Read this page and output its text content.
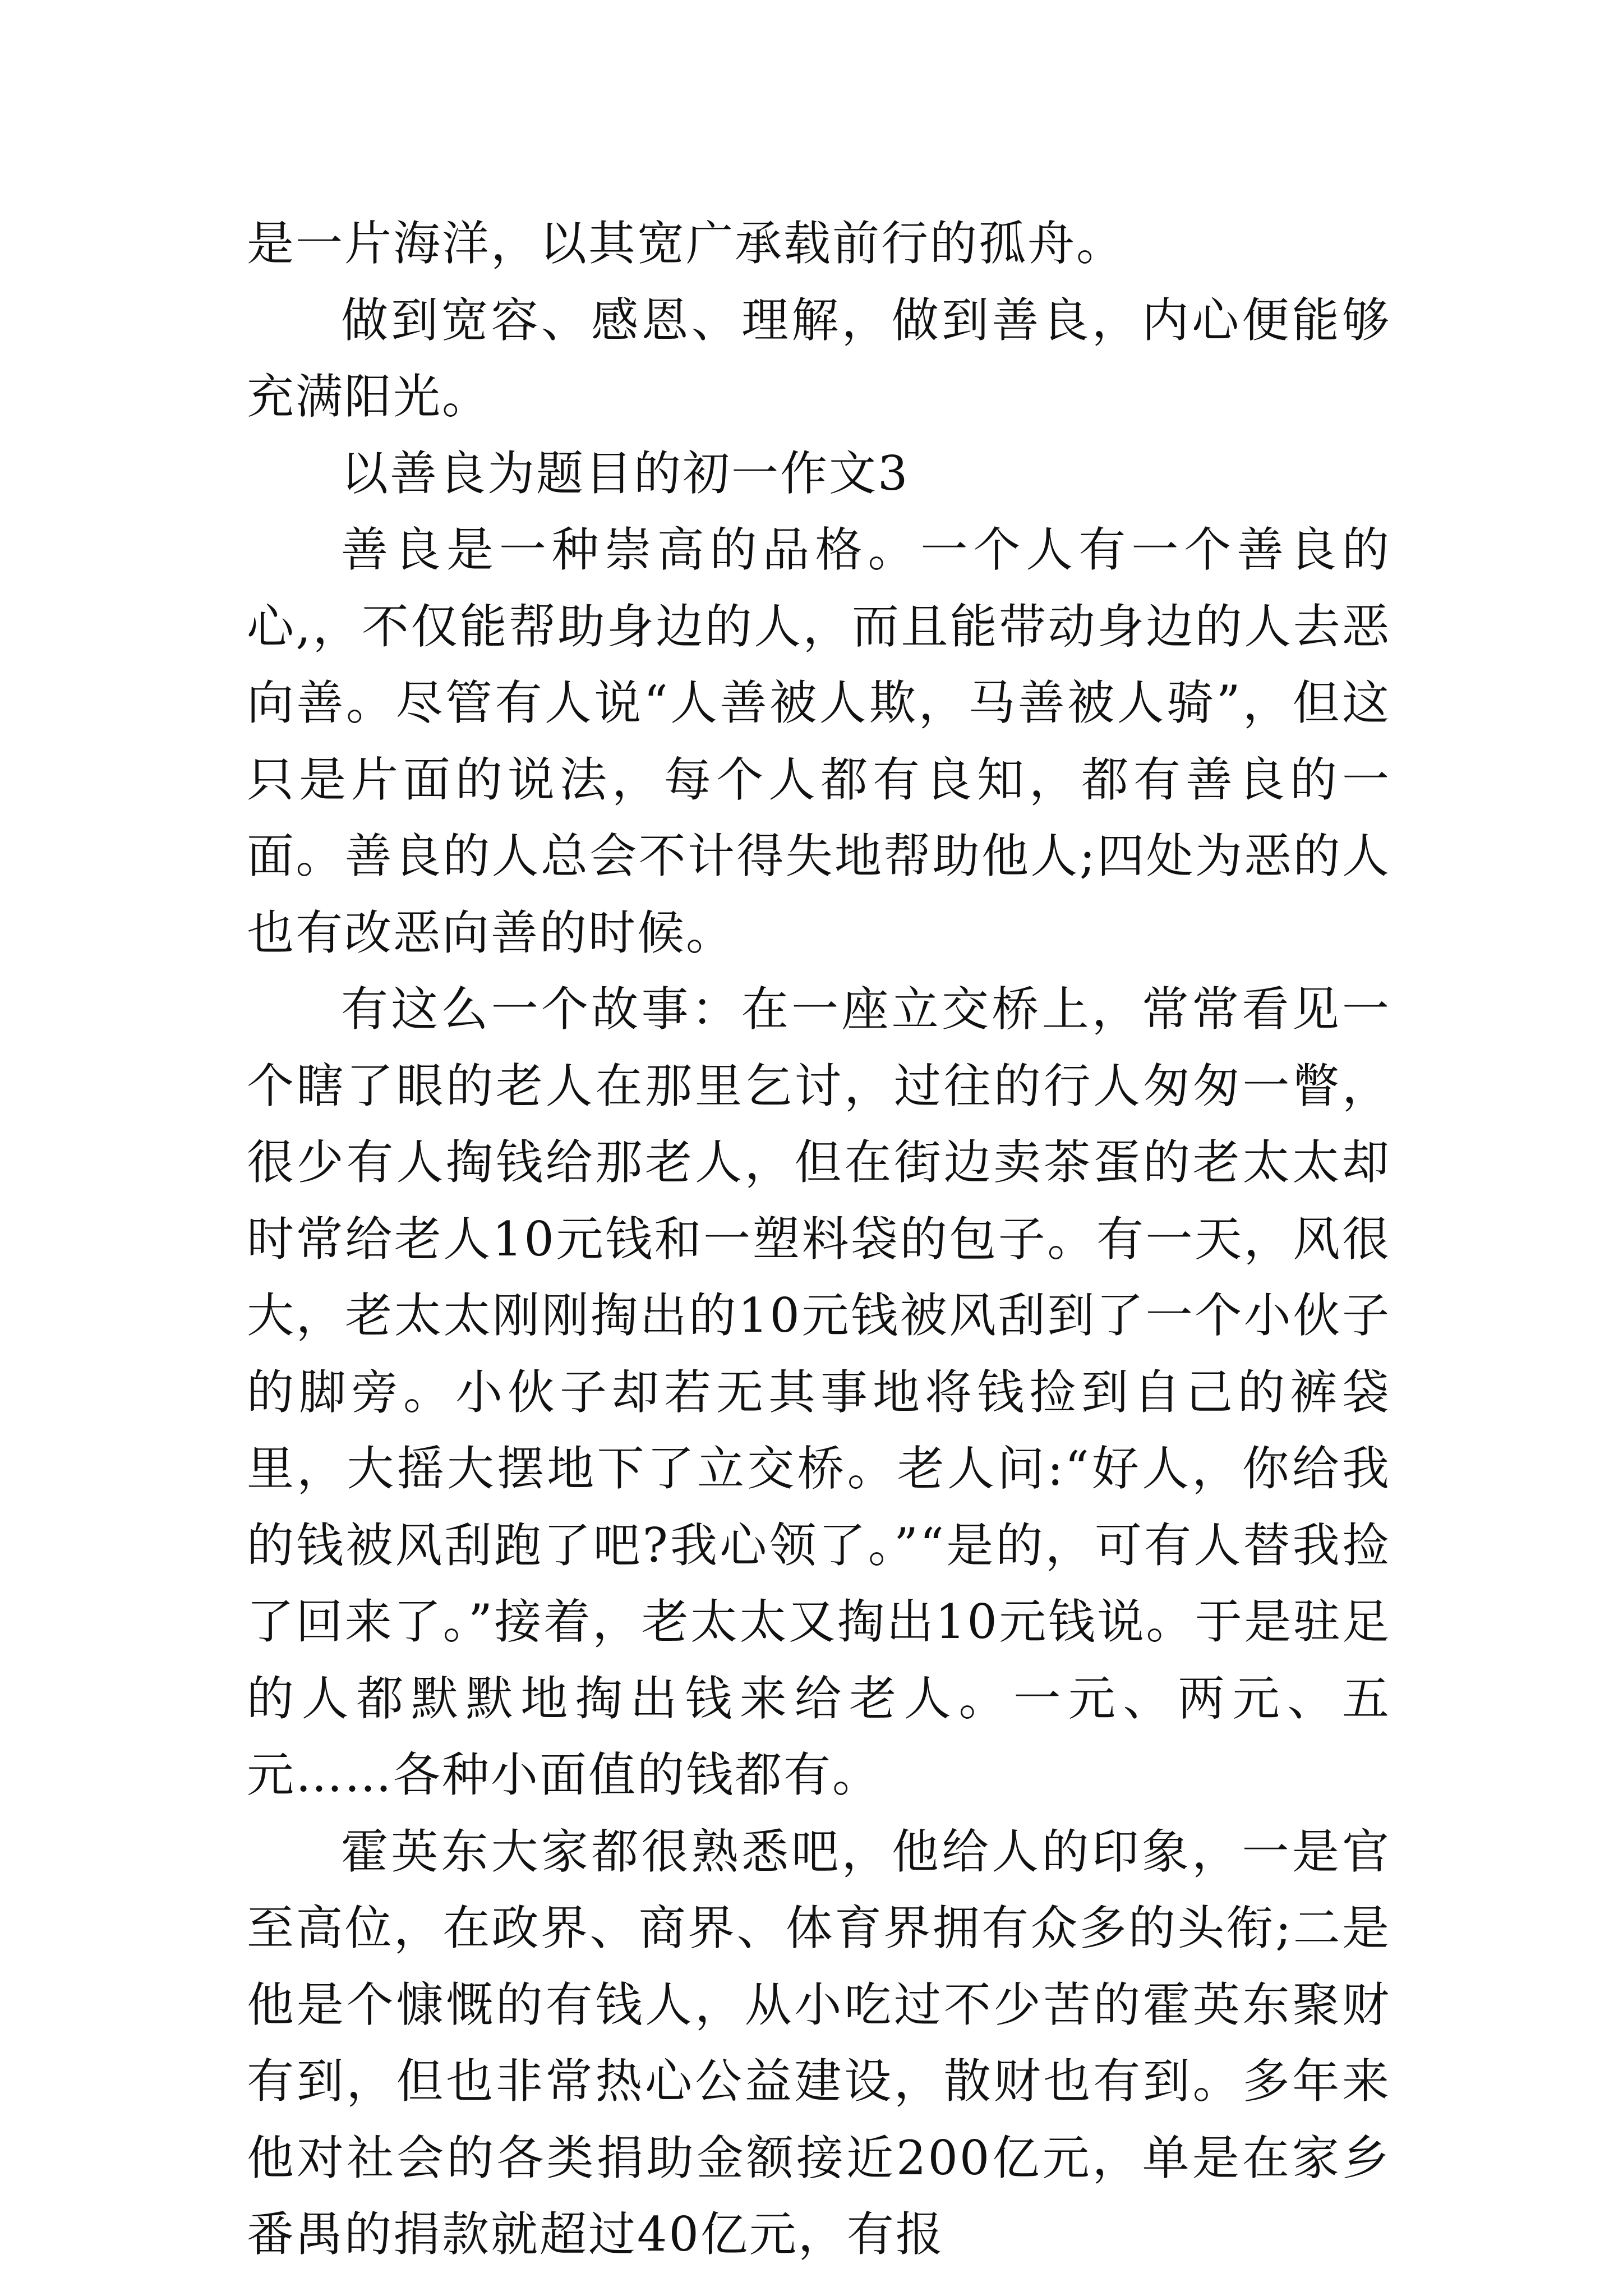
是一片海洋，以其宽广承载前行的孤舟。

做到宽容、感恩、理解，做到善良，内心便能够充满阳光。

以善良为题目的初一作文3

善良是一种崇高的品格。一个人有一个善良的心,，不仅能帮助身边的人，而且能带动身边的人去恶向善。尽管有人说“人善被人欺，马善被人骑”，但这只是片面的说法，每个人都有良知，都有善良的一面。善良的人总会不计得失地帮助他人;四处为恶的人也有改恶向善的时候。

有这么一个故事：在一座立交桥上，常常看见一个瞎了眼的老人在那里乞讨，过往的行人匆匆一瞥，很少有人掏钱给那老人，但在街边卖茶蛋的老太太却时常给老人10元钱和一塑料袋的包子。有一天，风很大，老太太刚刚掏出的10元钱被风刮到了一个小伙子的脚旁。小伙子却若无其事地将钱捡到自己的裤袋里，大摇大摆地下了立交桥。老人问:“好人，你给我的钱被风刮跑了吧?我心领了。”“是的，可有人替我捡了回来了。”接着，老太太又掏出10元钱说。于是驻足的人都默默地掏出钱来给老人。一元、两元、五元……各种小面值的钱都有。

霍英东大家都很熟悉吧，他给人的印象，一是官至高位，在政界、商界、体育界拥有众多的头衔;二是他是个慷慨的有钱人，从小吃过不少苦的霍英东聚财有到，但也非常热心公益建设，散财也有到。多年来他对社会的各类捐助金额接近200亿元，单是在家乡番禺的捐款就超过40亿元，有报
